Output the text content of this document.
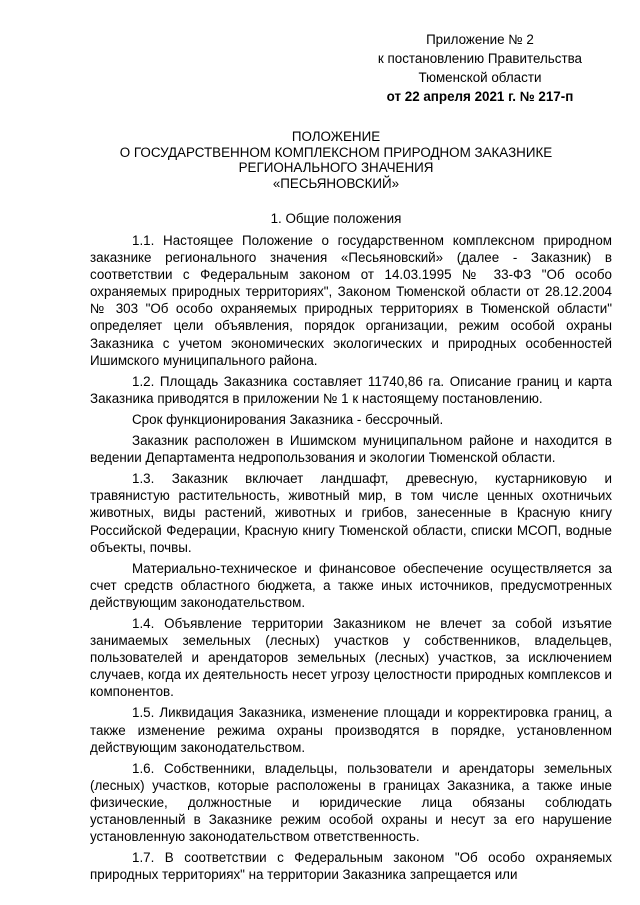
Приложение № 2
к постановлению Правительства
Тюменской области
от 22 апреля 2021 г. № 217-п
ПОЛОЖЕНИЕ
О ГОСУДАРСТВЕННОМ КОМПЛЕКСНОМ ПРИРОДНОМ ЗАКАЗНИКЕ
РЕГИОНАЛЬНОГО ЗНАЧЕНИЯ
«ПЕСЬЯНОВСКИЙ»
1. Общие положения

1.1. Настоящее Положение о государственном комплексном природном заказнике регионального значения «Песьяновский» (далее - Заказник) в соответствии с Федеральным законом от 14.03.1995 № 33-ФЗ "Об особо охраняемых природных территориях", Законом Тюменской области от 28.12.2004 № 303 "Об особо охраняемых природных территориях в Тюменской области" определяет цели объявления, порядок организации, режим особой охраны Заказника с учетом экономических экологических и природных особенностей Ишимского муниципального района.

1.2. Площадь Заказника составляет 11740,86 га. Описание границ и карта Заказника приводятся в приложении № 1 к настоящему постановлению.

Срок функционирования Заказника - бессрочный.

Заказник расположен в Ишимском муниципальном районе и находится в ведении Департамента недропользования и экологии Тюменской области.

1.3. Заказник включает ландшафт, древесную, кустарниковую и травянистую растительность, животный мир, в том числе ценных охотничьих животных, виды растений, животных и грибов, занесенные в Красную книгу Российской Федерации, Красную книгу Тюменской области, списки МСОП, водные объекты, почвы.

Материально-техническое и финансовое обеспечение осуществляется за счет средств областного бюджета, а также иных источников, предусмотренных действующим законодательством.

1.4. Объявление территории Заказником не влечет за собой изъятие занимаемых земельных (лесных) участков у собственников, владельцев, пользователей и арендаторов земельных (лесных) участков, за исключением случаев, когда их деятельность несет угрозу целостности природных комплексов и компонентов.

1.5. Ликвидация Заказника, изменение площади и корректировка границ, а также изменение режима охраны производятся в порядке, установленном действующим законодательством.

1.6. Собственники, владельцы, пользователи и арендаторы земельных (лесных) участков, которые расположены в границах Заказника, а также иные физические, должностные и юридические лица обязаны соблюдать установленный в Заказнике режим особой охраны и несут за его нарушение установленную законодательством ответственность.

1.7. В соответствии с Федеральным законом "Об особо охраняемых природных территориях" на территории Заказника запрещается или
